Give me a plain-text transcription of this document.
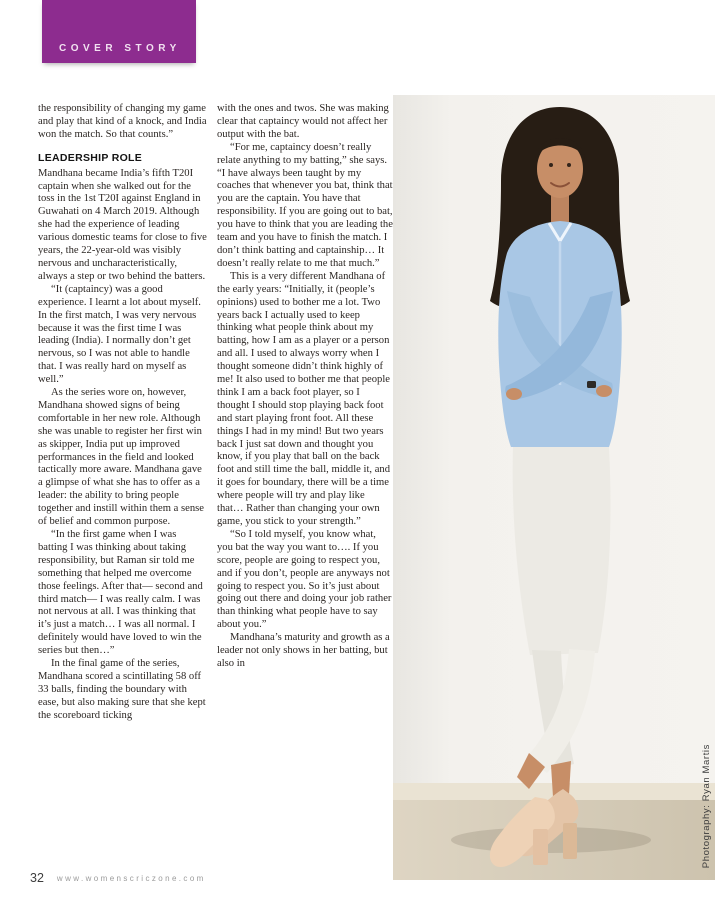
COVER STORY

the responsibility of changing my game and play that kind of a knock, and India won the match. So that counts.”

LEADERSHIP ROLE

Mandhana became India’s fifth T20I captain when she walked out for the toss in the 1st T20I against England in Guwahati on 4 March 2019. Although she had the experience of leading various domestic teams for close to five years, the 22-year-old was visibly nervous and uncharacteristically, always a step or two behind the batters.

“It (captaincy) was a good experience. I learnt a lot about myself. In the first match, I was very nervous because it was the first time I was leading (India). I normally don’t get nervous, so I was not able to handle that. I was really hard on myself as well.”

As the series wore on, however, Mandhana showed signs of being comfortable in her new role. Although she was unable to register her first win as skipper, India put up improved performances in the field and looked tactically more aware. Mandhana gave a glimpse of what she has to offer as a leader: the ability to bring people together and instill within them a sense of belief and common purpose.

“In the first game when I was batting I was thinking about taking responsibility, but Raman sir told me something that helped me overcome those feelings. After that— second and third match— I was really calm. I was not nervous at all. I was thinking that it’s just a match… I was all normal. I definitely would have loved to win the series but then…”

In the final game of the series, Mandhana scored a scintillating 58 off 33 balls, finding the boundary with ease, but also making sure that she kept the scoreboard ticking

with the ones and twos. She was making clear that captaincy would not affect her output with the bat.

“For me, captaincy doesn’t really relate anything to my batting,” she says. “I have always been taught by my coaches that whenever you bat, think that you are the captain. You have that responsibility. If you are going out to bat, you have to think that you are leading the team and you have to finish the match. I don’t think batting and captainship… It doesn’t really relate to me that much.”

This is a very different Mandhana of the early years: “Initially, it (people’s opinions) used to bother me a lot. Two years back I actually used to keep thinking what people think about my batting, how I am as a player or a person and all. I used to always worry when I thought someone didn’t think highly of me! It also used to bother me that people think I am a back foot player, so I thought I should stop playing back foot and start playing front foot. All these things I had in my mind! But two years back I just sat down and thought you know, if you play that ball on the back foot and still time the ball, middle it, and it goes for boundary, there will be a time where people will try and play like that… Rather than changing your own game, you stick to your strength.”

“So I told myself, you know what, you bat the way you want to…. If you score, people are going to respect you, and if you don’t, people are anyways not going to respect you. So it’s just about going out there and doing your job rather than thinking what people have to say about you.”

Mandhana’s maturity and growth as a leader not only shows in her batting, but also in

Photography: Ryan Martis
32 www.womenscriczone.com
